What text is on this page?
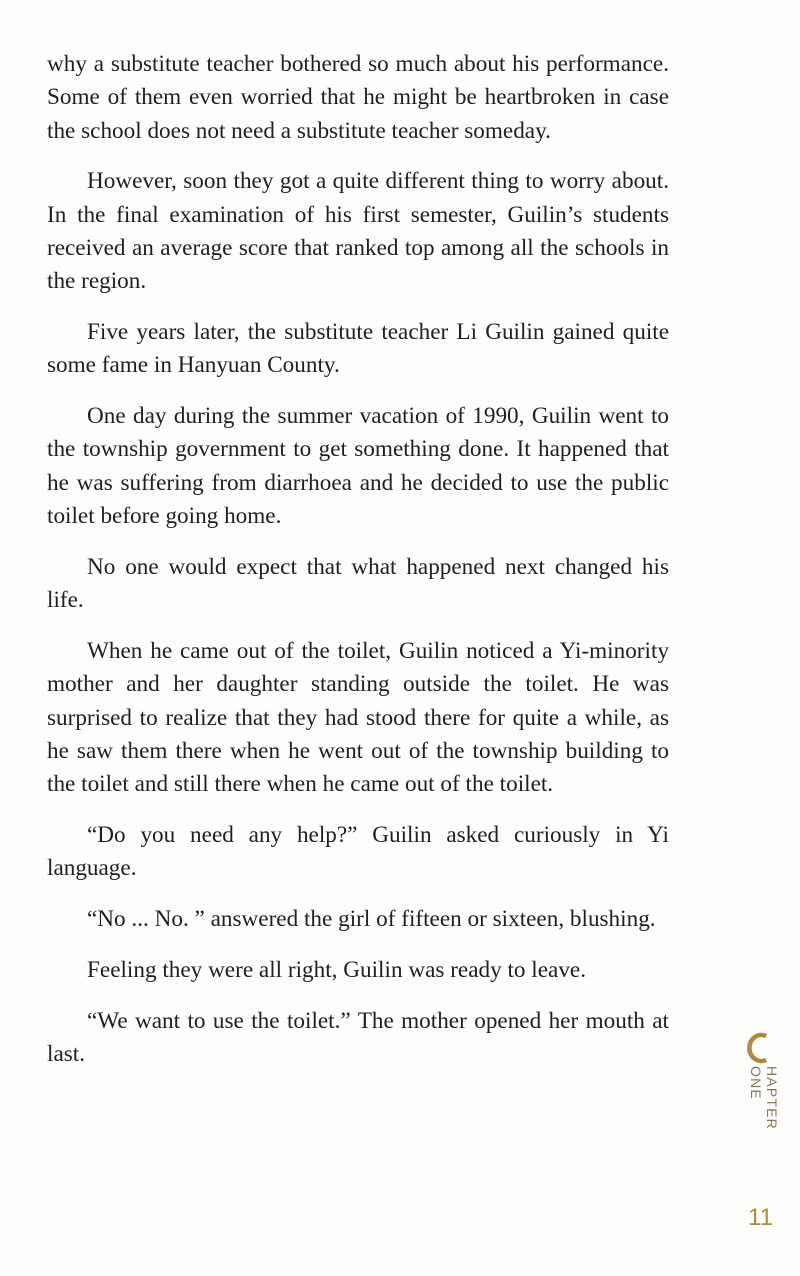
why a substitute teacher bothered so much about his performance. Some of them even worried that he might be heartbroken in case the school does not need a substitute teacher someday.

However, soon they got a quite different thing to worry about. In the final examination of his first semester, Guilin’s students received an average score that ranked top among all the schools in the region.

Five years later, the substitute teacher Li Guilin gained quite some fame in Hanyuan County.

One day during the summer vacation of 1990, Guilin went to the township government to get something done. It happened that he was suffering from diarrhoea and he decided to use the public toilet before going home.

No one would expect that what happened next changed his life.

When he came out of the toilet, Guilin noticed a Yi-minority mother and her daughter standing outside the toilet. He was surprised to realize that they had stood there for quite a while, as he saw them there when he went out of the township building to the toilet and still there when he came out of the toilet.

“Do you need any help?” Guilin asked curiously in Yi language.

“No ... No. ” answered the girl of fifteen or sixteen, blushing.

Feeling they were all right, Guilin was ready to leave.

“We want to use the toilet.” The mother opened her mouth at last.

C
HAPTER ONE
11
